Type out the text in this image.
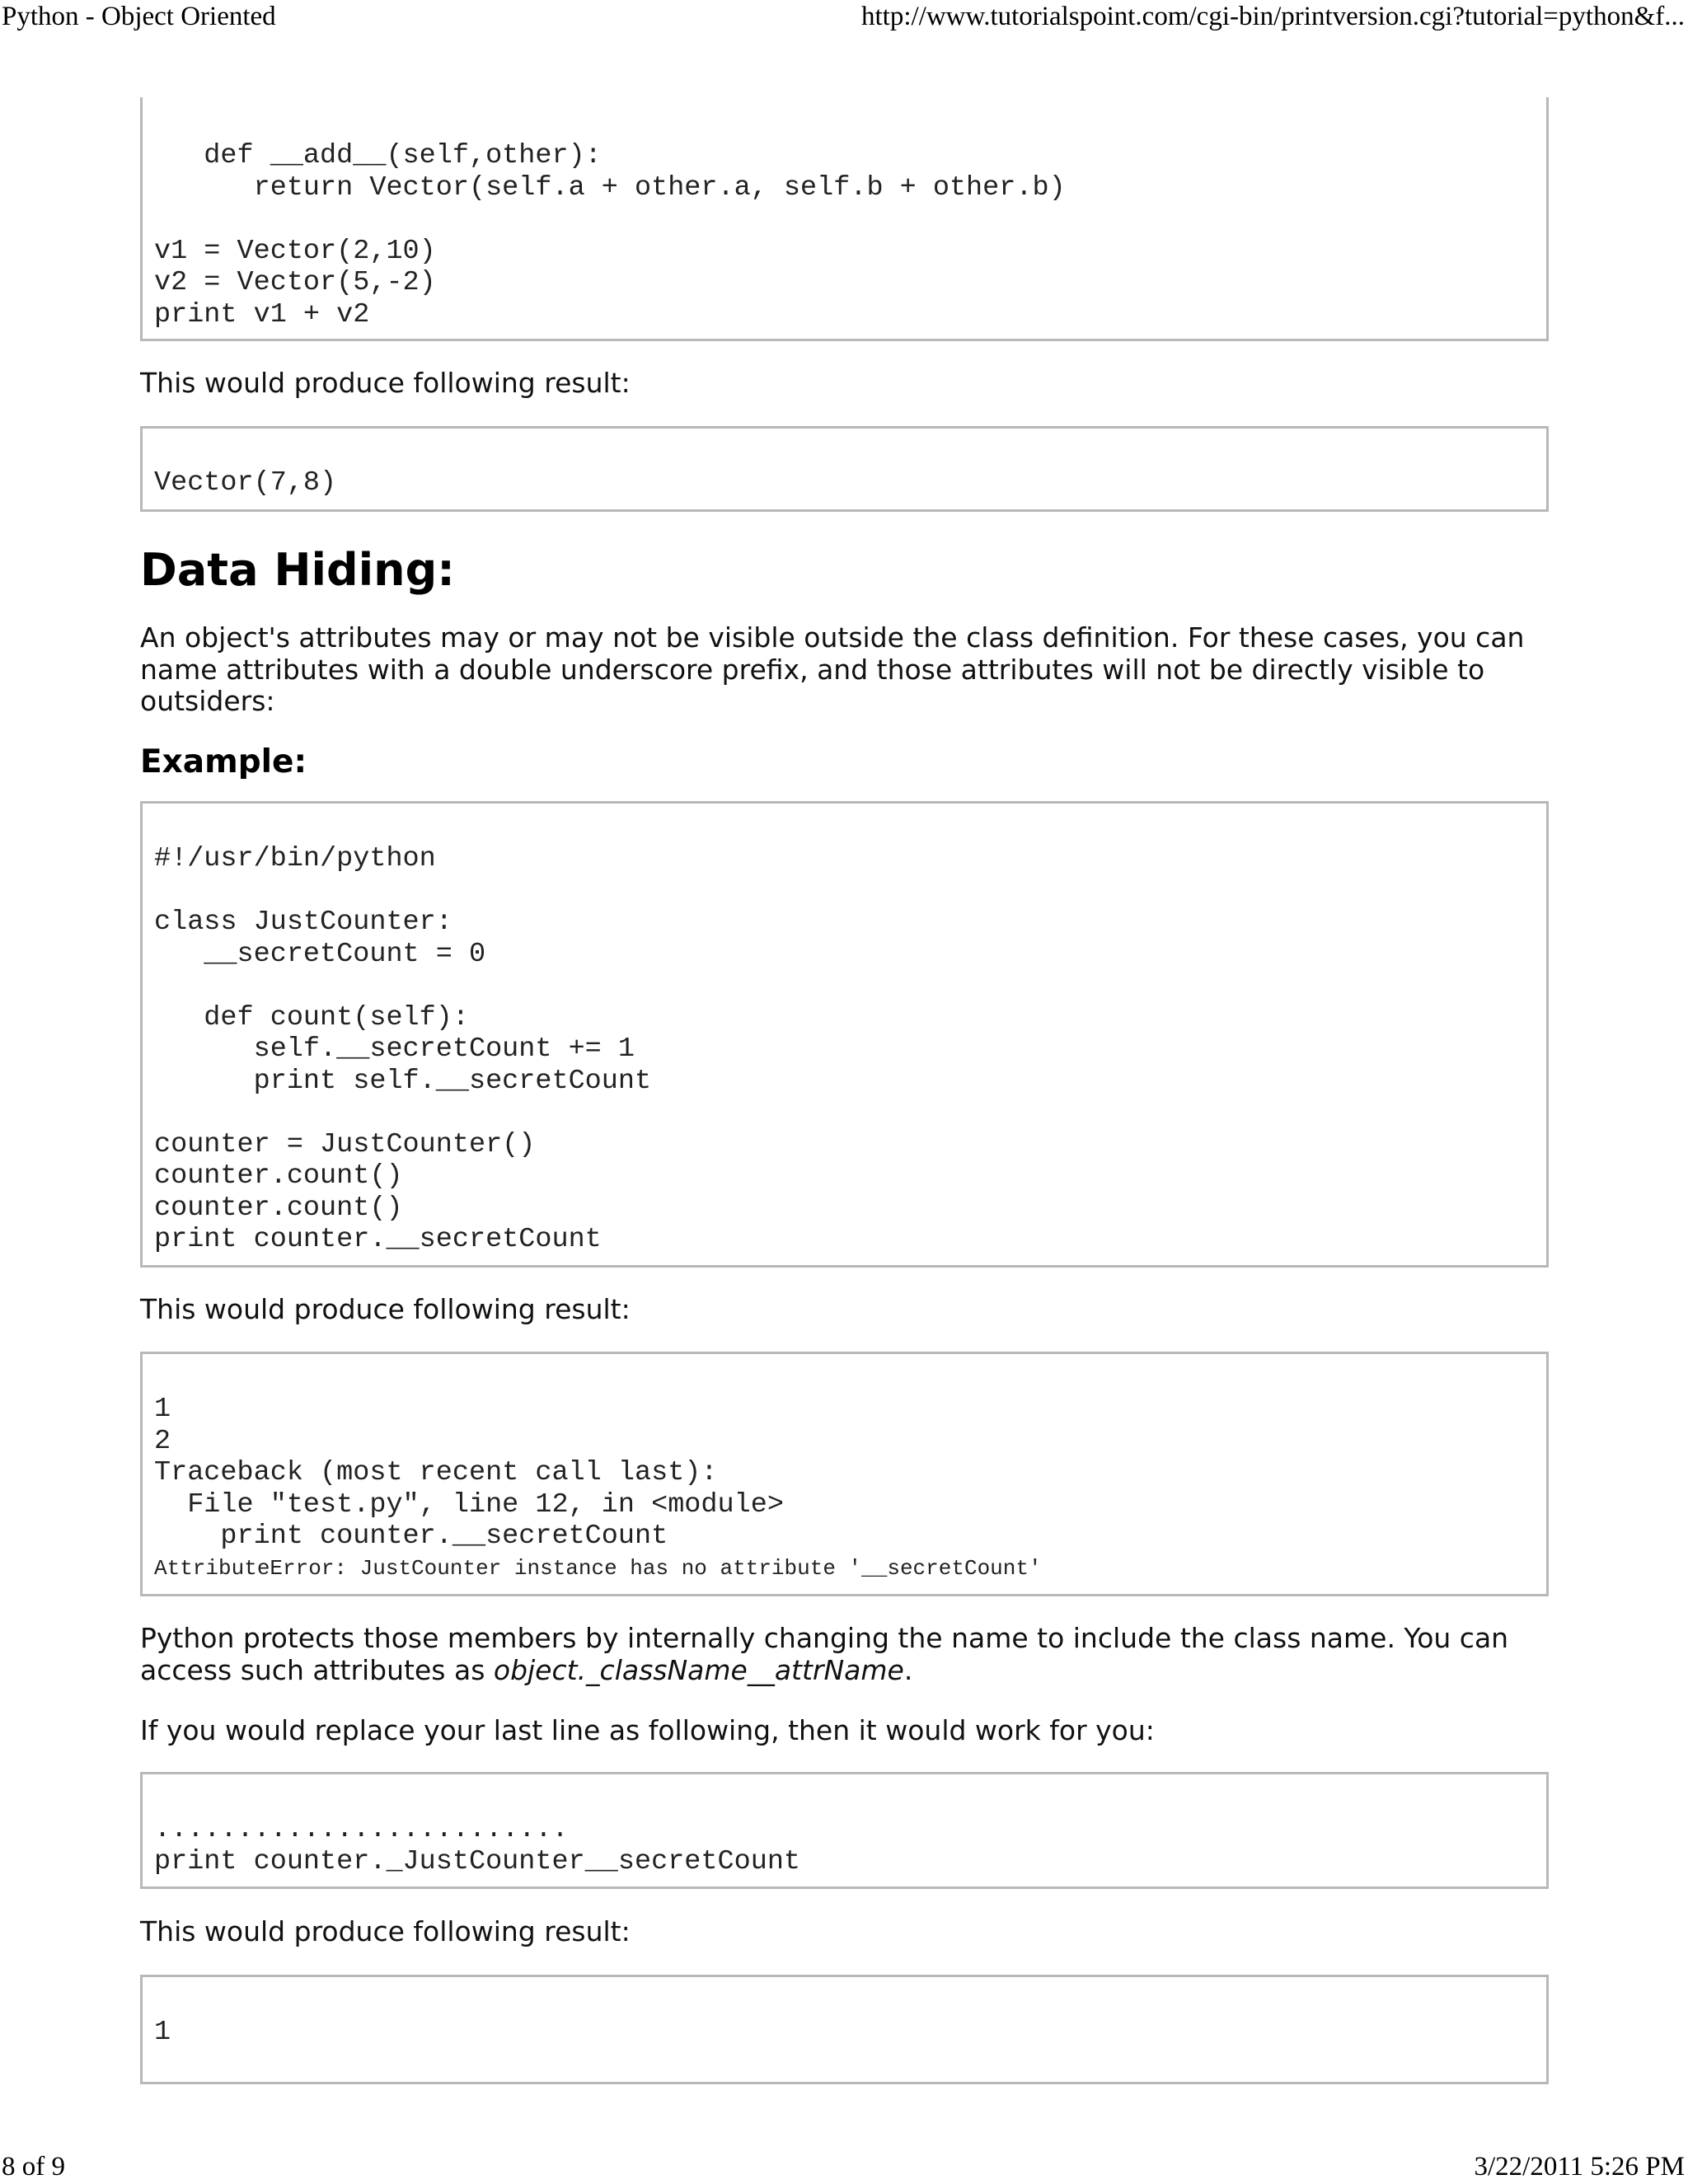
Python - Object Oriented	http://www.tutorialspoint.com/cgi-bin/printversion.cgi?tutorial=python&f...
def __add__(self,other):
return Vector(self.a + other.a, self.b + other.b)

v1 = Vector(2,10)
v2 = Vector(5,-2)
print v1 + v2

This would produce following result:

Vector(7,8)
Data Hiding:

An object's attributes may or may not be visible outside the class definition. For these cases, you can name attributes with a double underscore prefix, and those attributes will not be directly visible to outsiders:

Example:
#!/usr/bin/python

class JustCounter:
__secretCount = 0

def count(self):
self.__secretCount += 1
print self.__secretCount

counter = JustCounter()
counter.count()
counter.count()
print counter.__secretCount

This would produce following result:

1
2
Traceback (most recent call last):
File "test.py", line 12, in <module>
print counter.__secretCount
AttributeError: JustCounter instance has no attribute '__secretCount'

Python protects those members by internally changing the name to include the class name. You can access such attributes as object._className__attrName.

If you would replace your last line as following, then it would work for you:

.........................
print counter._JustCounter__secretCount

This would produce following result:

1
8 of 9	3/22/2011 5:26 PM
